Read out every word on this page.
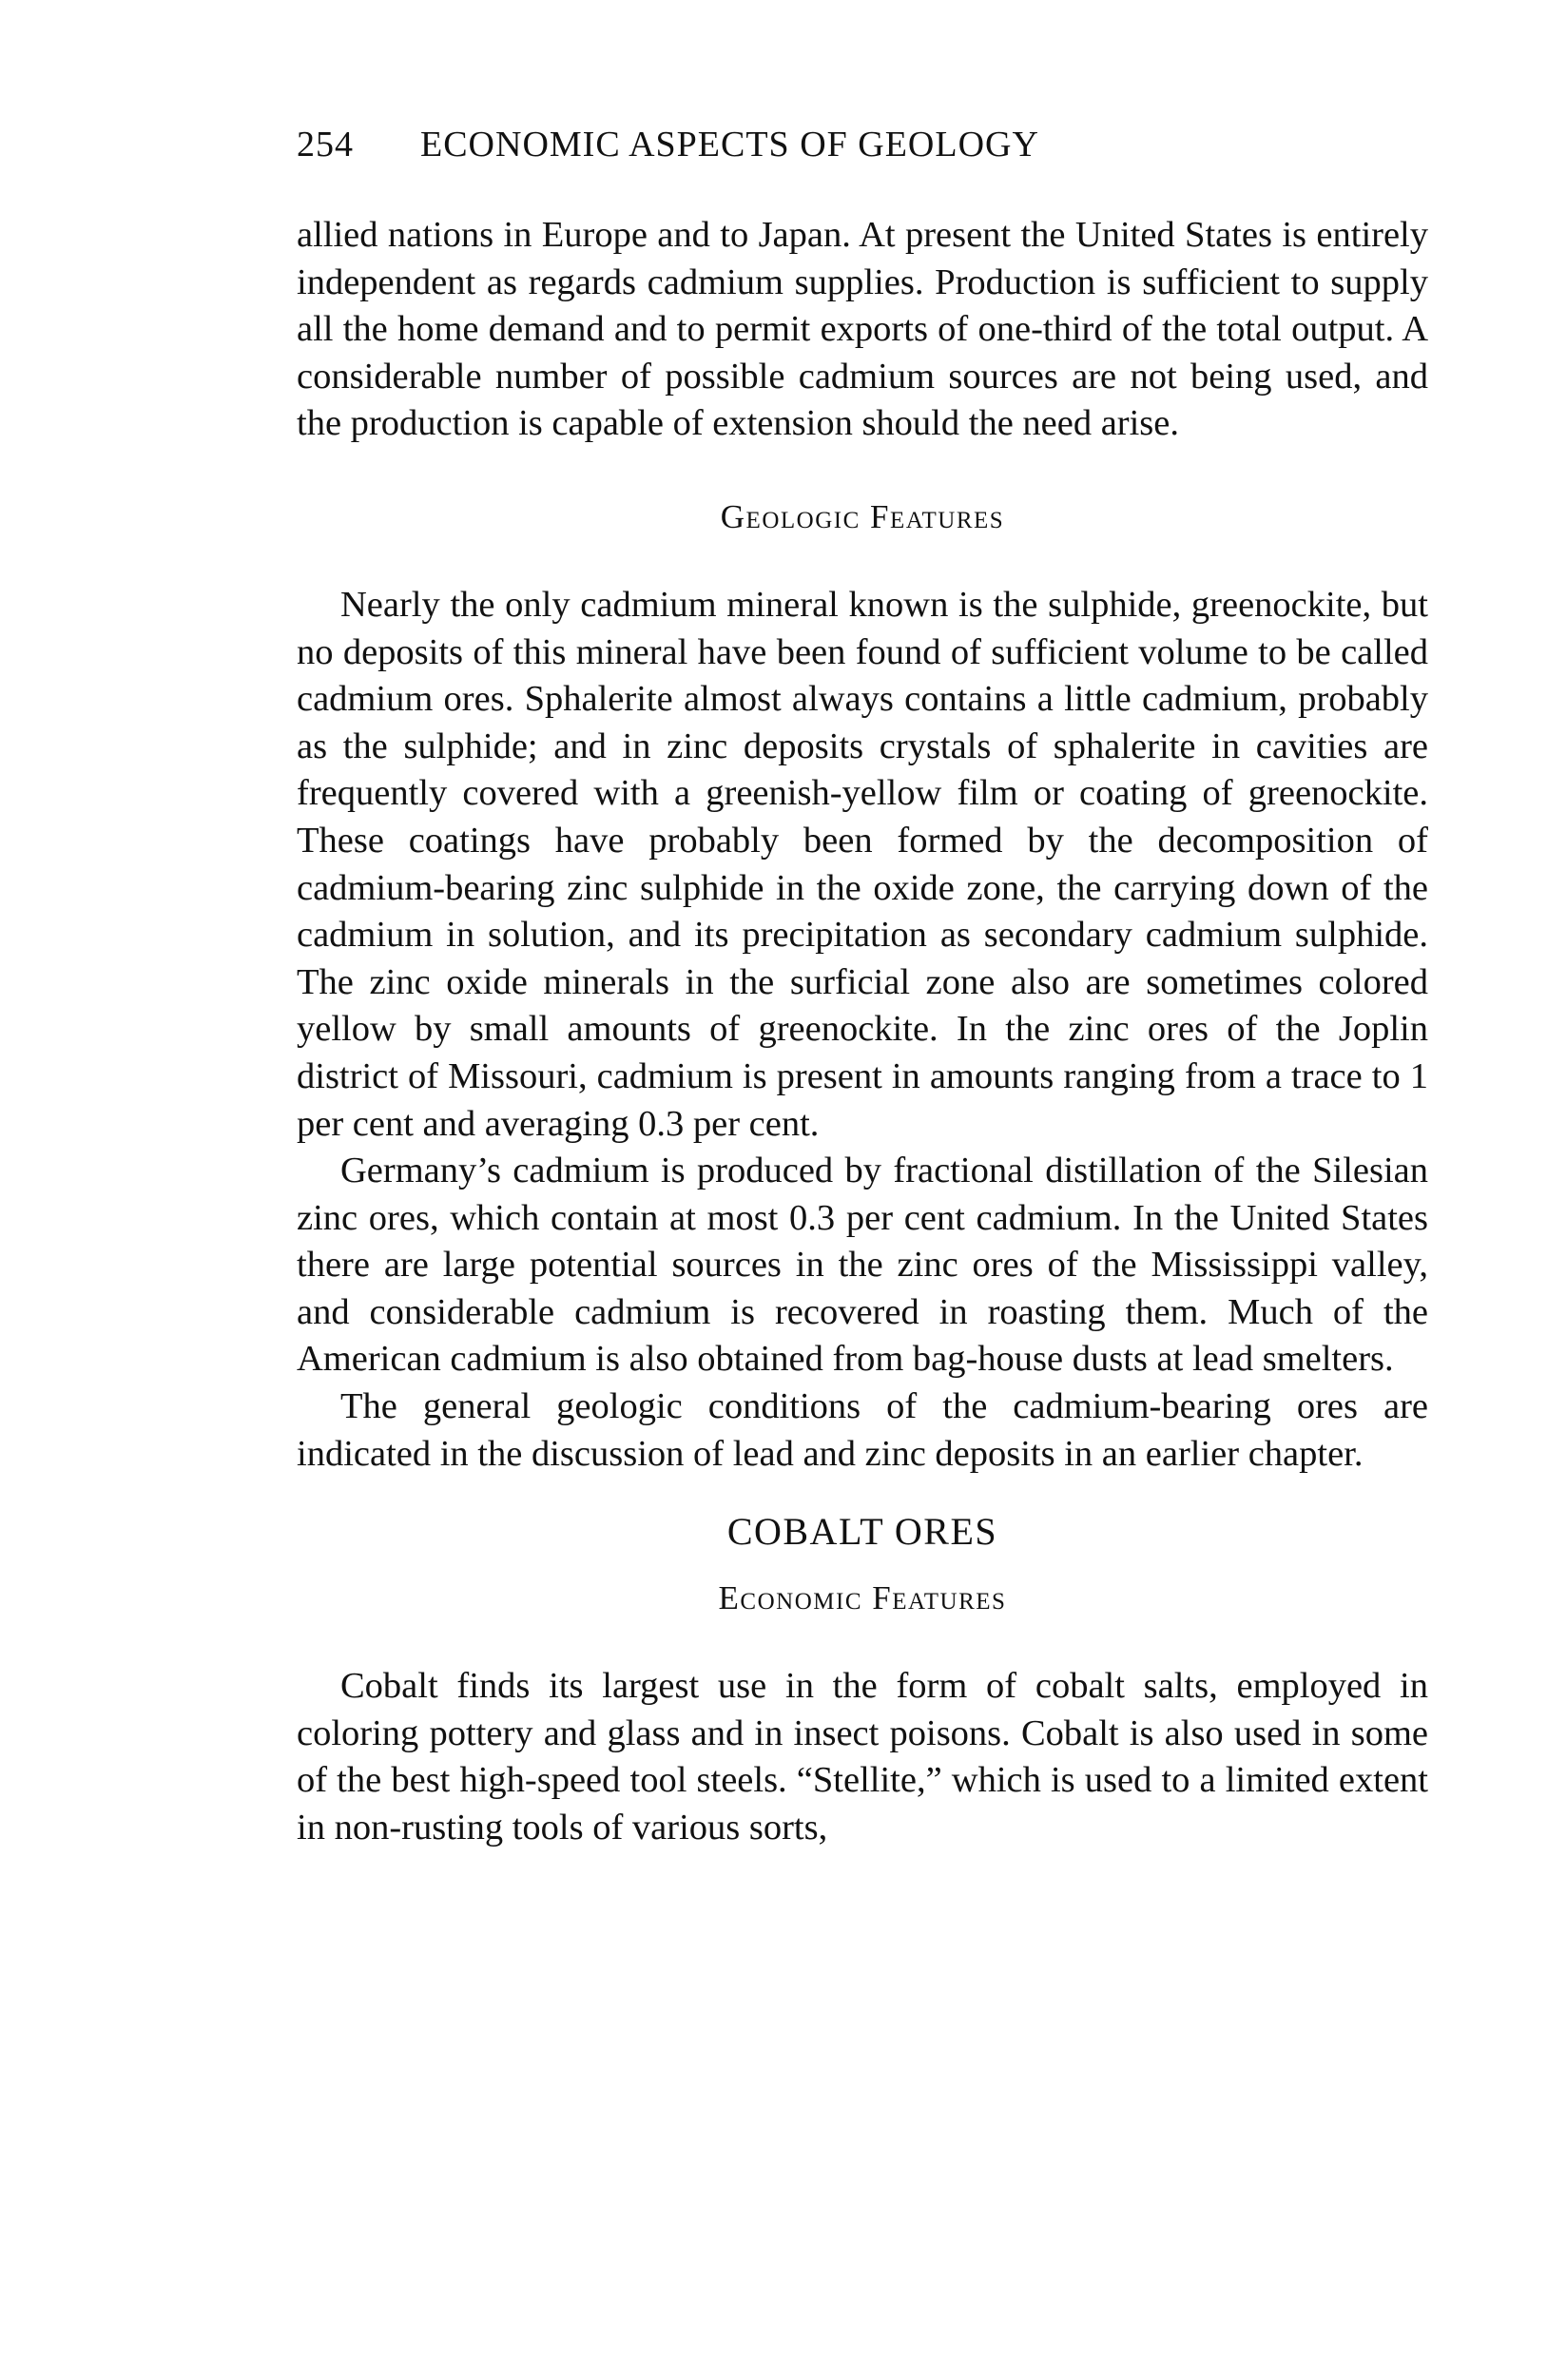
254 ECONOMIC ASPECTS OF GEOLOGY

allied nations in Europe and to Japan. At present the United States is entirely independent as regards cadmium supplies. Production is sufficient to supply all the home demand and to permit exports of one-third of the total output. A considerable number of possible cadmium sources are not being used, and the production is capable of extension should the need arise.

Geologic Features

Nearly the only cadmium mineral known is the sulphide, greenockite, but no deposits of this mineral have been found of sufficient volume to be called cadmium ores. Sphalerite almost always contains a little cadmium, probably as the sulphide; and in zinc deposits crystals of sphalerite in cavities are frequently covered with a greenish-yellow film or coating of greenockite. These coatings have probably been formed by the decomposition of cadmium-bearing zinc sulphide in the oxide zone, the carrying down of the cadmium in solution, and its precipitation as secondary cadmium sulphide. The zinc oxide minerals in the surficial zone also are sometimes colored yellow by small amounts of greenockite. In the zinc ores of the Joplin district of Missouri, cadmium is present in amounts ranging from a trace to 1 per cent and averaging 0.3 per cent.

Germany’s cadmium is produced by fractional distillation of the Silesian zinc ores, which contain at most 0.3 per cent cadmium. In the United States there are large potential sources in the zinc ores of the Mississippi valley, and considerable cadmium is recovered in roasting them. Much of the American cadmium is also obtained from bag-house dusts at lead smelters.

The general geologic conditions of the cadmium-bearing ores are indicated in the discussion of lead and zinc deposits in an earlier chapter.

COBALT ORES
Economic Features

Cobalt finds its largest use in the form of cobalt salts, employed in coloring pottery and glass and in insect poisons. Cobalt is also used in some of the best high-speed tool steels. “Stellite,” which is used to a limited extent in non-rusting tools of various sorts,
